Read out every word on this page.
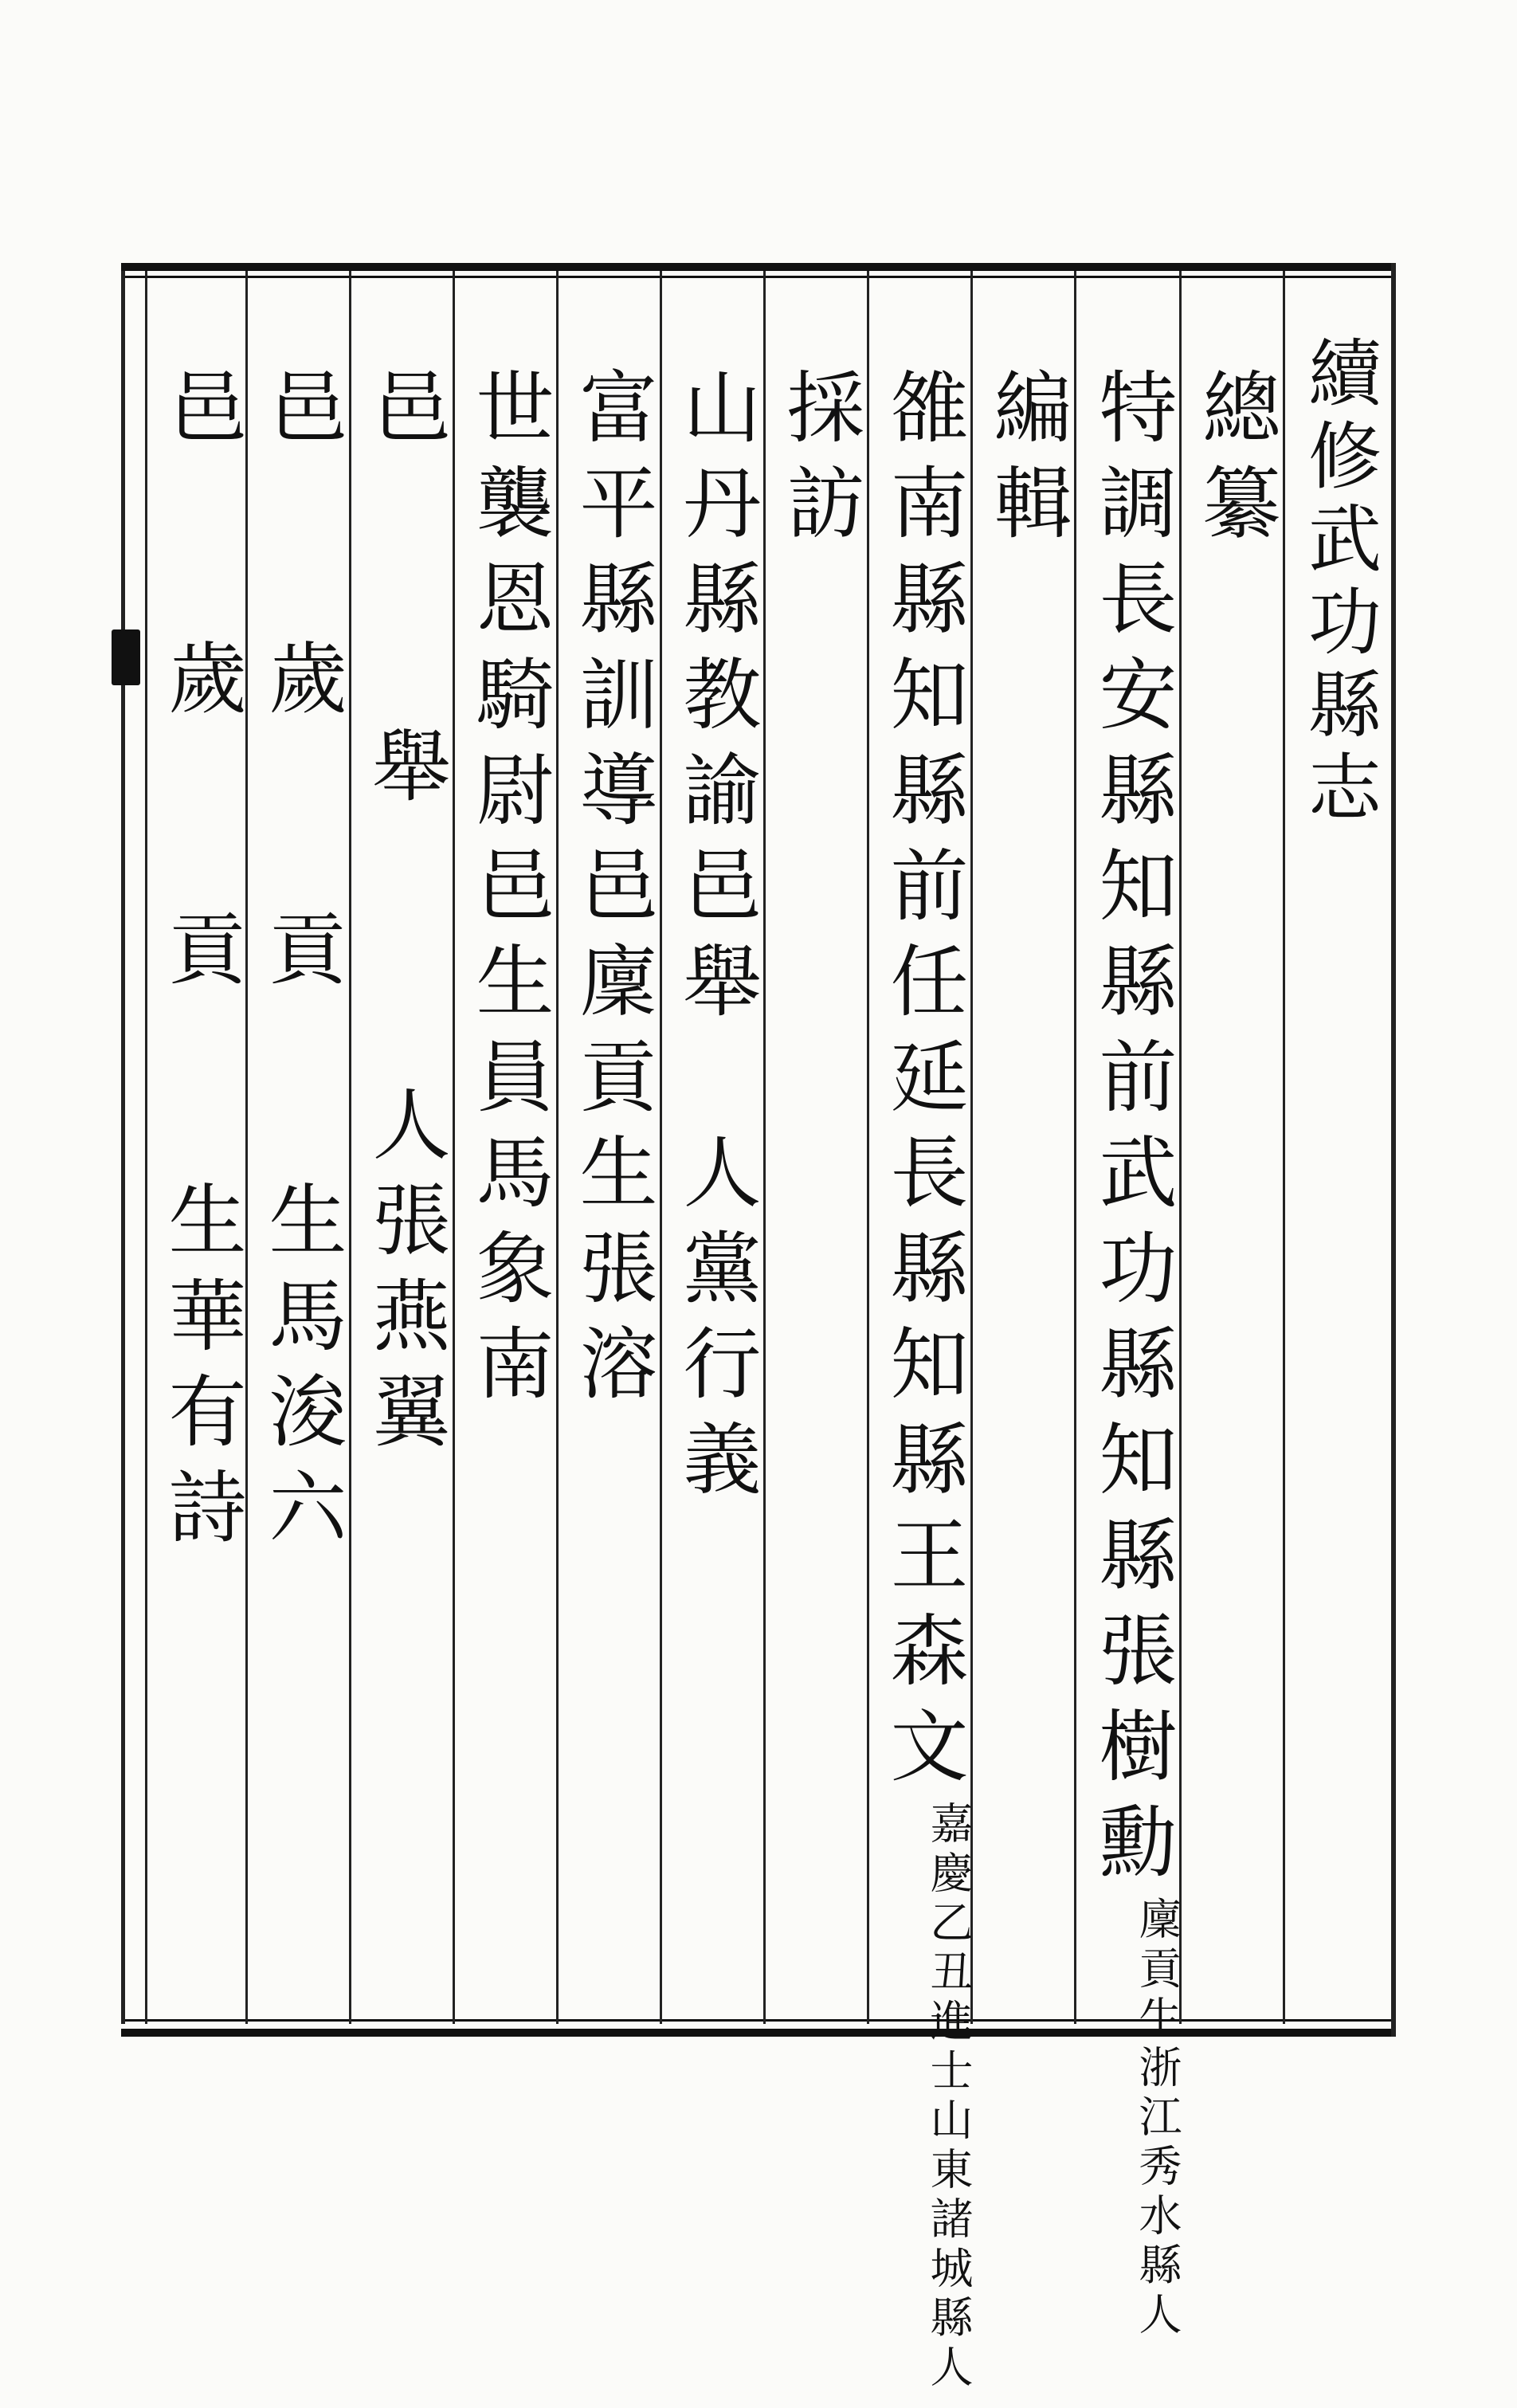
續修武功縣志
總纂
特調長安縣知縣前武功縣知縣張樹勳廩貢生浙江秀水縣人
編輯
雒南縣知縣前任延長縣知縣王森文嘉慶乙丑進士山東諸城縣人
採訪
山丹縣教諭邑舉人黨行義
富平縣訓導邑廩貢生張溶
世襲恩騎尉邑生員馬象南
邑舉人張燕翼
邑歲貢生馬浚六
邑歲貢生華有詩
